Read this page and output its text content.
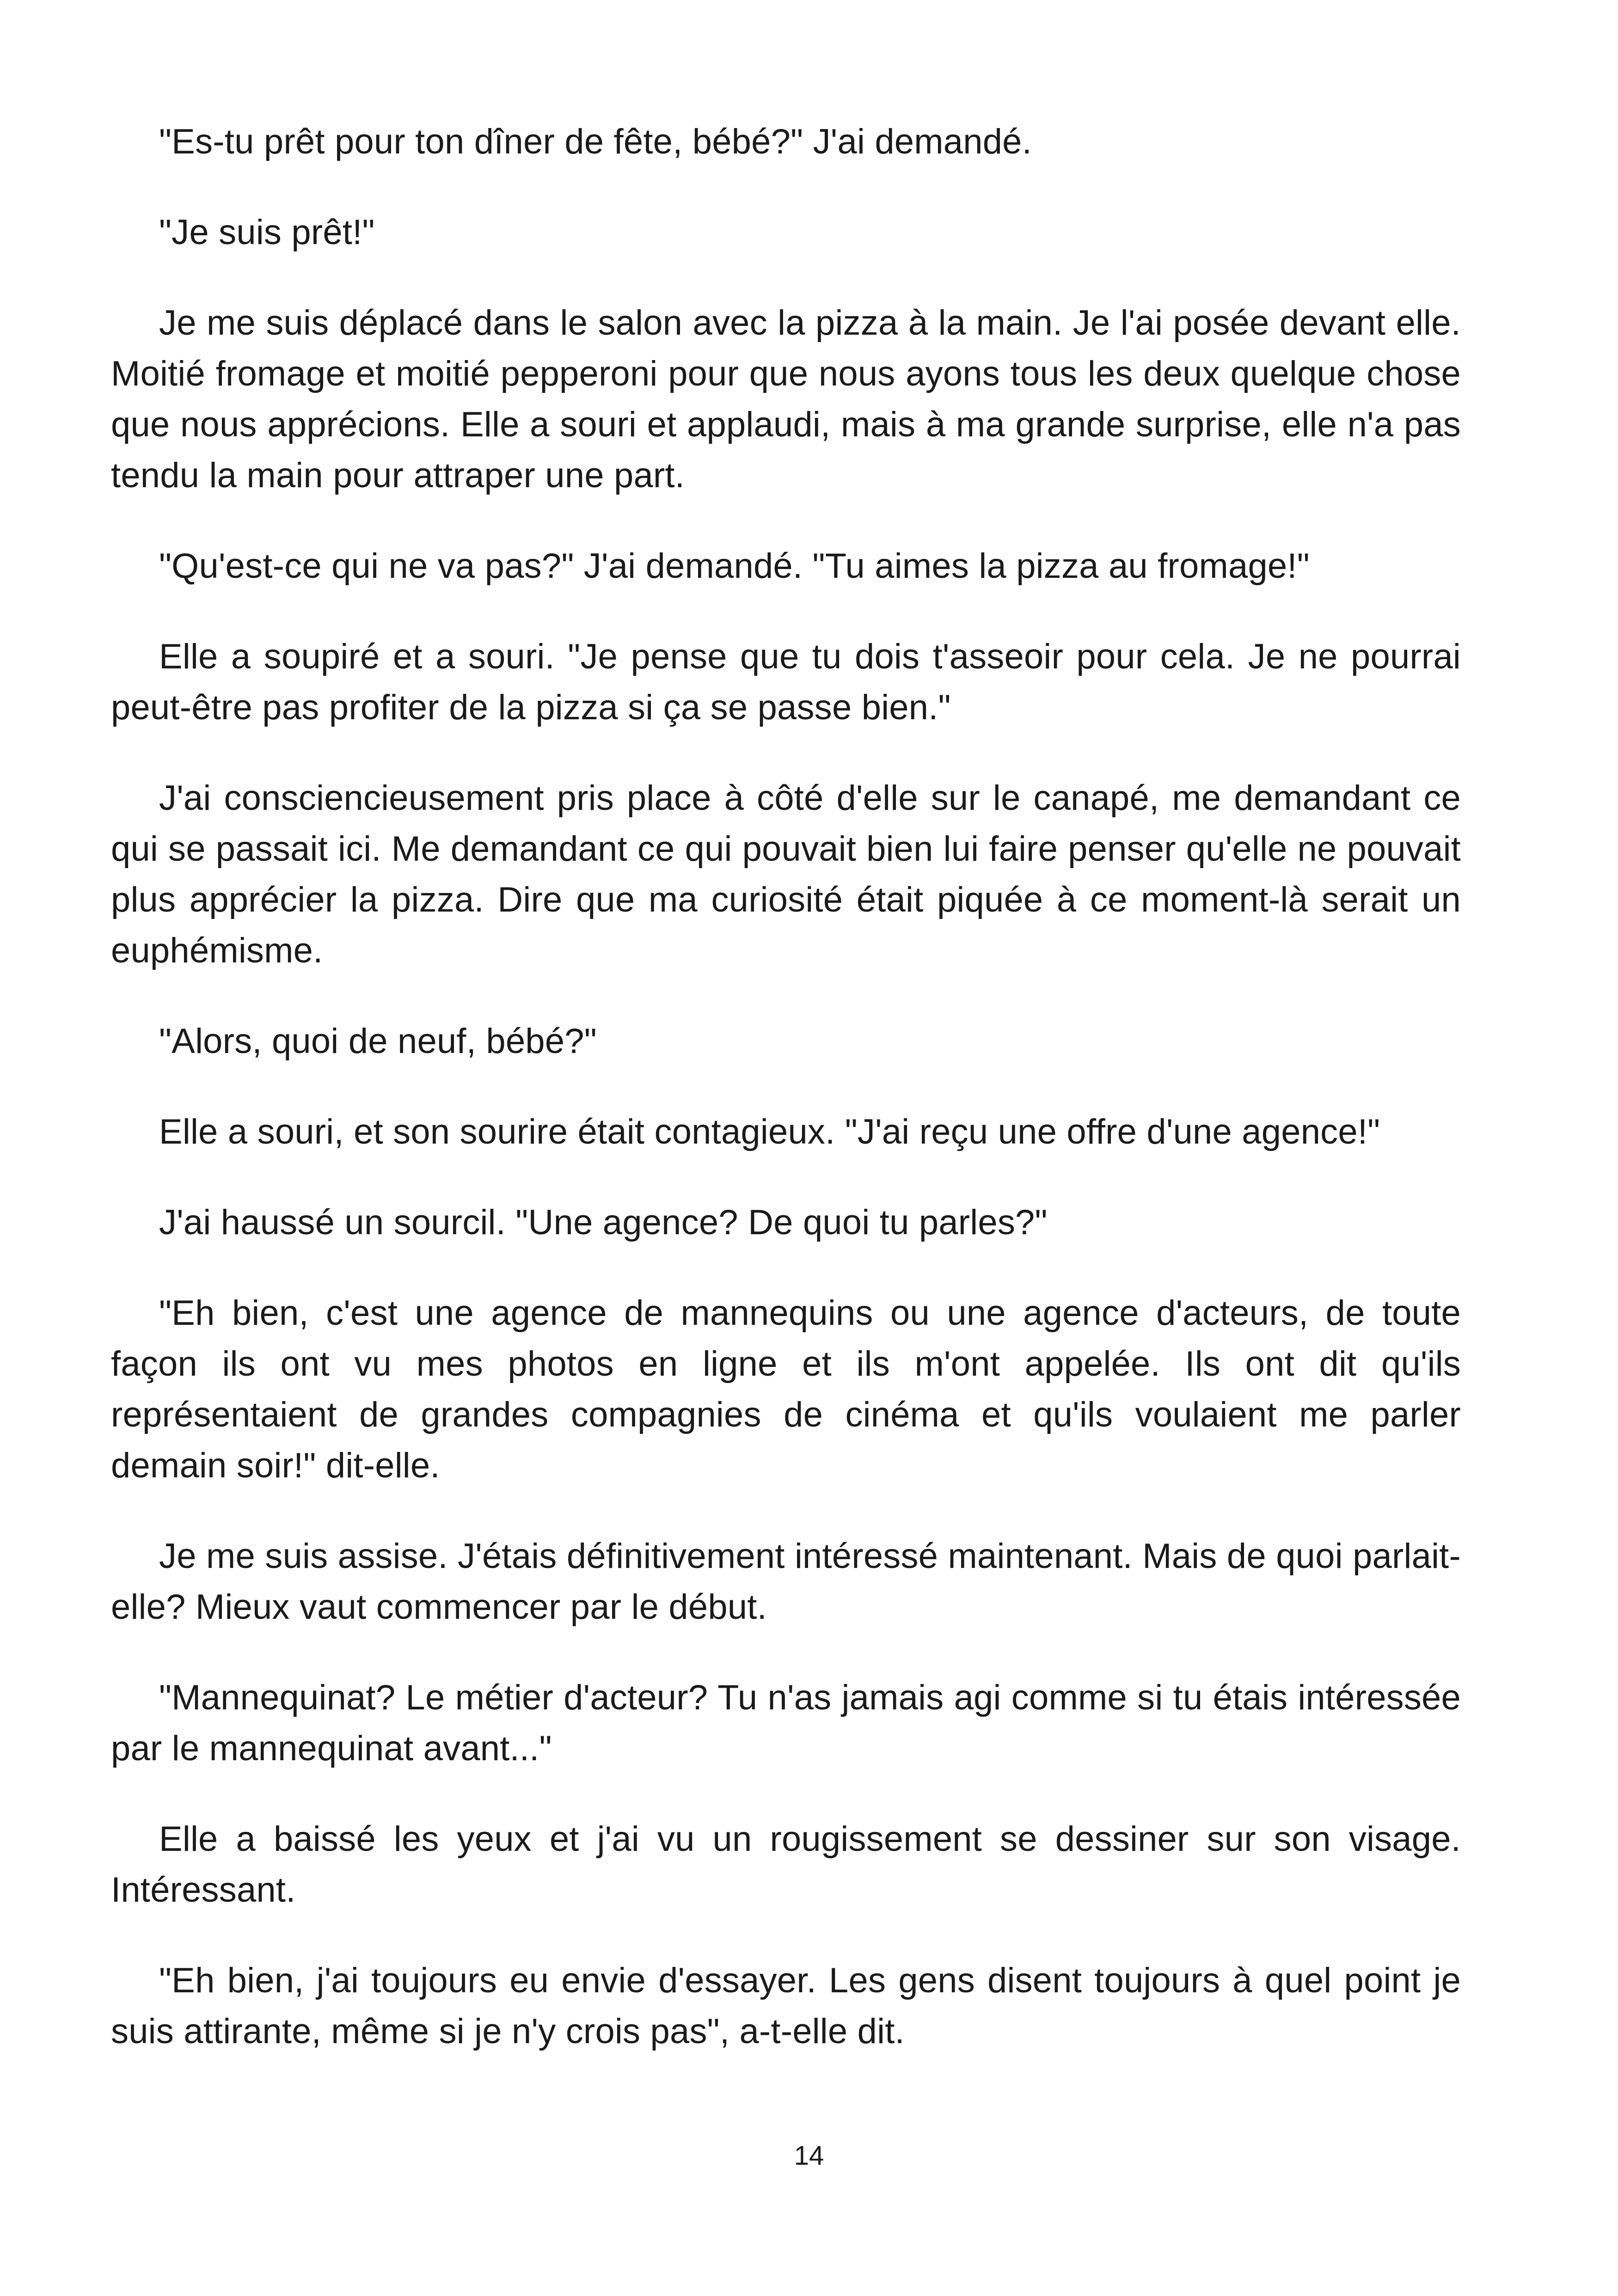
"Es-tu prêt pour ton dîner de fête, bébé?" J'ai demandé.

"Je suis prêt!"

Je me suis déplacé dans le salon avec la pizza à la main. Je l'ai posée devant elle. Moitié fromage et moitié pepperoni pour que nous ayons tous les deux quelque chose que nous apprécions. Elle a souri et applaudi, mais à ma grande surprise, elle n'a pas tendu la main pour attraper une part.

"Qu'est-ce qui ne va pas?" J'ai demandé. "Tu aimes la pizza au fromage!"

Elle a soupiré et a souri. "Je pense que tu dois t'asseoir pour cela. Je ne pourrai peut-être pas profiter de la pizza si ça se passe bien."

J'ai consciencieusement pris place à côté d'elle sur le canapé, me demandant ce qui se passait ici. Me demandant ce qui pouvait bien lui faire penser qu'elle ne pouvait plus apprécier la pizza. Dire que ma curiosité était piquée à ce moment-là serait un euphémisme.

"Alors, quoi de neuf, bébé?"

Elle a souri, et son sourire était contagieux. "J'ai reçu une offre d'une agence!"

J'ai haussé un sourcil. "Une agence? De quoi tu parles?"

"Eh bien, c'est une agence de mannequins ou une agence d'acteurs, de toute façon ils ont vu mes photos en ligne et ils m'ont appelée. Ils ont dit qu'ils représentaient de grandes compagnies de cinéma et qu'ils voulaient me parler demain soir!" dit-elle.

Je me suis assise. J'étais définitivement intéressé maintenant. Mais de quoi parlait-elle? Mieux vaut commencer par le début.

"Mannequinat? Le métier d'acteur? Tu n'as jamais agi comme si tu étais intéressée par le mannequinat avant..."

Elle a baissé les yeux et j'ai vu un rougissement se dessiner sur son visage. Intéressant.

"Eh bien, j'ai toujours eu envie d'essayer. Les gens disent toujours à quel point je suis attirante, même si je n'y crois pas", a-t-elle dit.

14
